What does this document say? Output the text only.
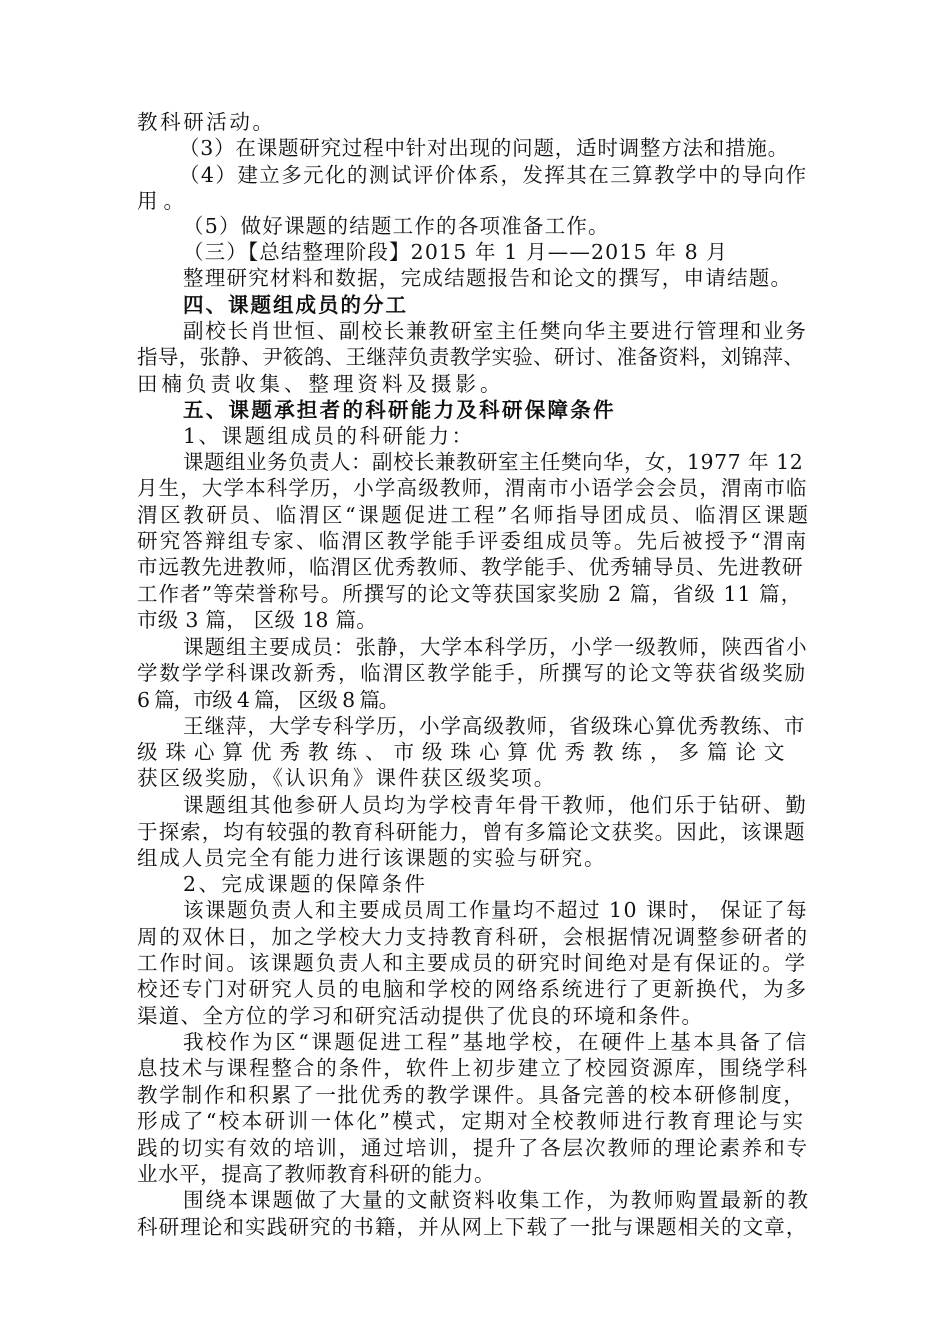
教科研活动。
（3）在课题研究过程中针对出现的问题，适时调整方法和措施。
（4）建立多元化的测试评价体系，发挥其在三算教学中的导向作
用。
（5）做好课题的结题工作的各项准备工作。
（三）【总结整理阶段】2015 年 1 月——2015 年 8 月
整理研究材料和数据，完成结题报告和论文的撰写，申请结题。
四、课题组成员的分工
副校长肖世恒、副校长兼教研室主任樊向华主要进行管理和业务
指导，张静、尹筱鸽、王继萍负责教学实验、研讨、准备资料，刘锦萍、
田楠负责收集、整理资料及摄影。
五、课题承担者的科研能力及科研保障条件
1、课题组成员的科研能力：
课题组业务负责人：副校长兼教研室主任樊向华，女，1977 年 12
月生，大学本科学历，小学高级教师，渭南市小语学会会员，渭南市临
渭区教研员、临渭区“课题促进工程”名师指导团成员、临渭区课题
研究答辩组专家、临渭区教学能手评委组成员等。先后被授予“渭南
市远教先进教师，临渭区优秀教师、教学能手、优秀辅导员、先进教研
工作者”等荣誉称号。所撰写的论文等获国家奖励 2 篇，省级 11 篇，
市级 3 篇， 区级 18 篇。
课题组主要成员：张静，大学本科学历，小学一级教师，陕西省小
学数学学科课改新秀，临渭区教学能手，所撰写的论文等获省级奖励
6 篇，市级 4 篇， 区级 8 篇。
王继萍，大学专科学历，小学高级教师，省级珠心算优秀教练、市
级珠心算优秀教练、市级珠心算优秀教练，多篇论文
获区级奖励，《认识角》课件获区级奖项。
课题组其他参研人员均为学校青年骨干教师，他们乐于钻研、勤
于探索，均有较强的教育科研能力，曾有多篇论文获奖。因此，该课题
组成人员完全有能力进行该课题的实验与研究。
2、完成课题的保障条件
该课题负责人和主要成员周工作量均不超过 10 课时， 保证了每
周的双休日，加之学校大力支持教育科研，会根据情况调整参研者的
工作时间。该课题负责人和主要成员的研究时间绝对是有保证的。学
校还专门对研究人员的电脑和学校的网络系统进行了更新换代，为多
渠道、全方位的学习和研究活动提供了优良的环境和条件。
我校作为区“课题促进工程”基地学校，在硬件上基本具备了信
息技术与课程整合的条件，软件上初步建立了校园资源库，围绕学科
教学制作和积累了一批优秀的教学课件。具备完善的校本研修制度，
形成了“校本研训一体化”模式，定期对全校教师进行教育理论与实
践的切实有效的培训，通过培训，提升了各层次教师的理论素养和专
业水平，提高了教师教育科研的能力。
围绕本课题做了大量的文献资料收集工作，为教师购置最新的教
科研理论和实践研究的书籍，并从网上下载了一批与课题相关的文章，
